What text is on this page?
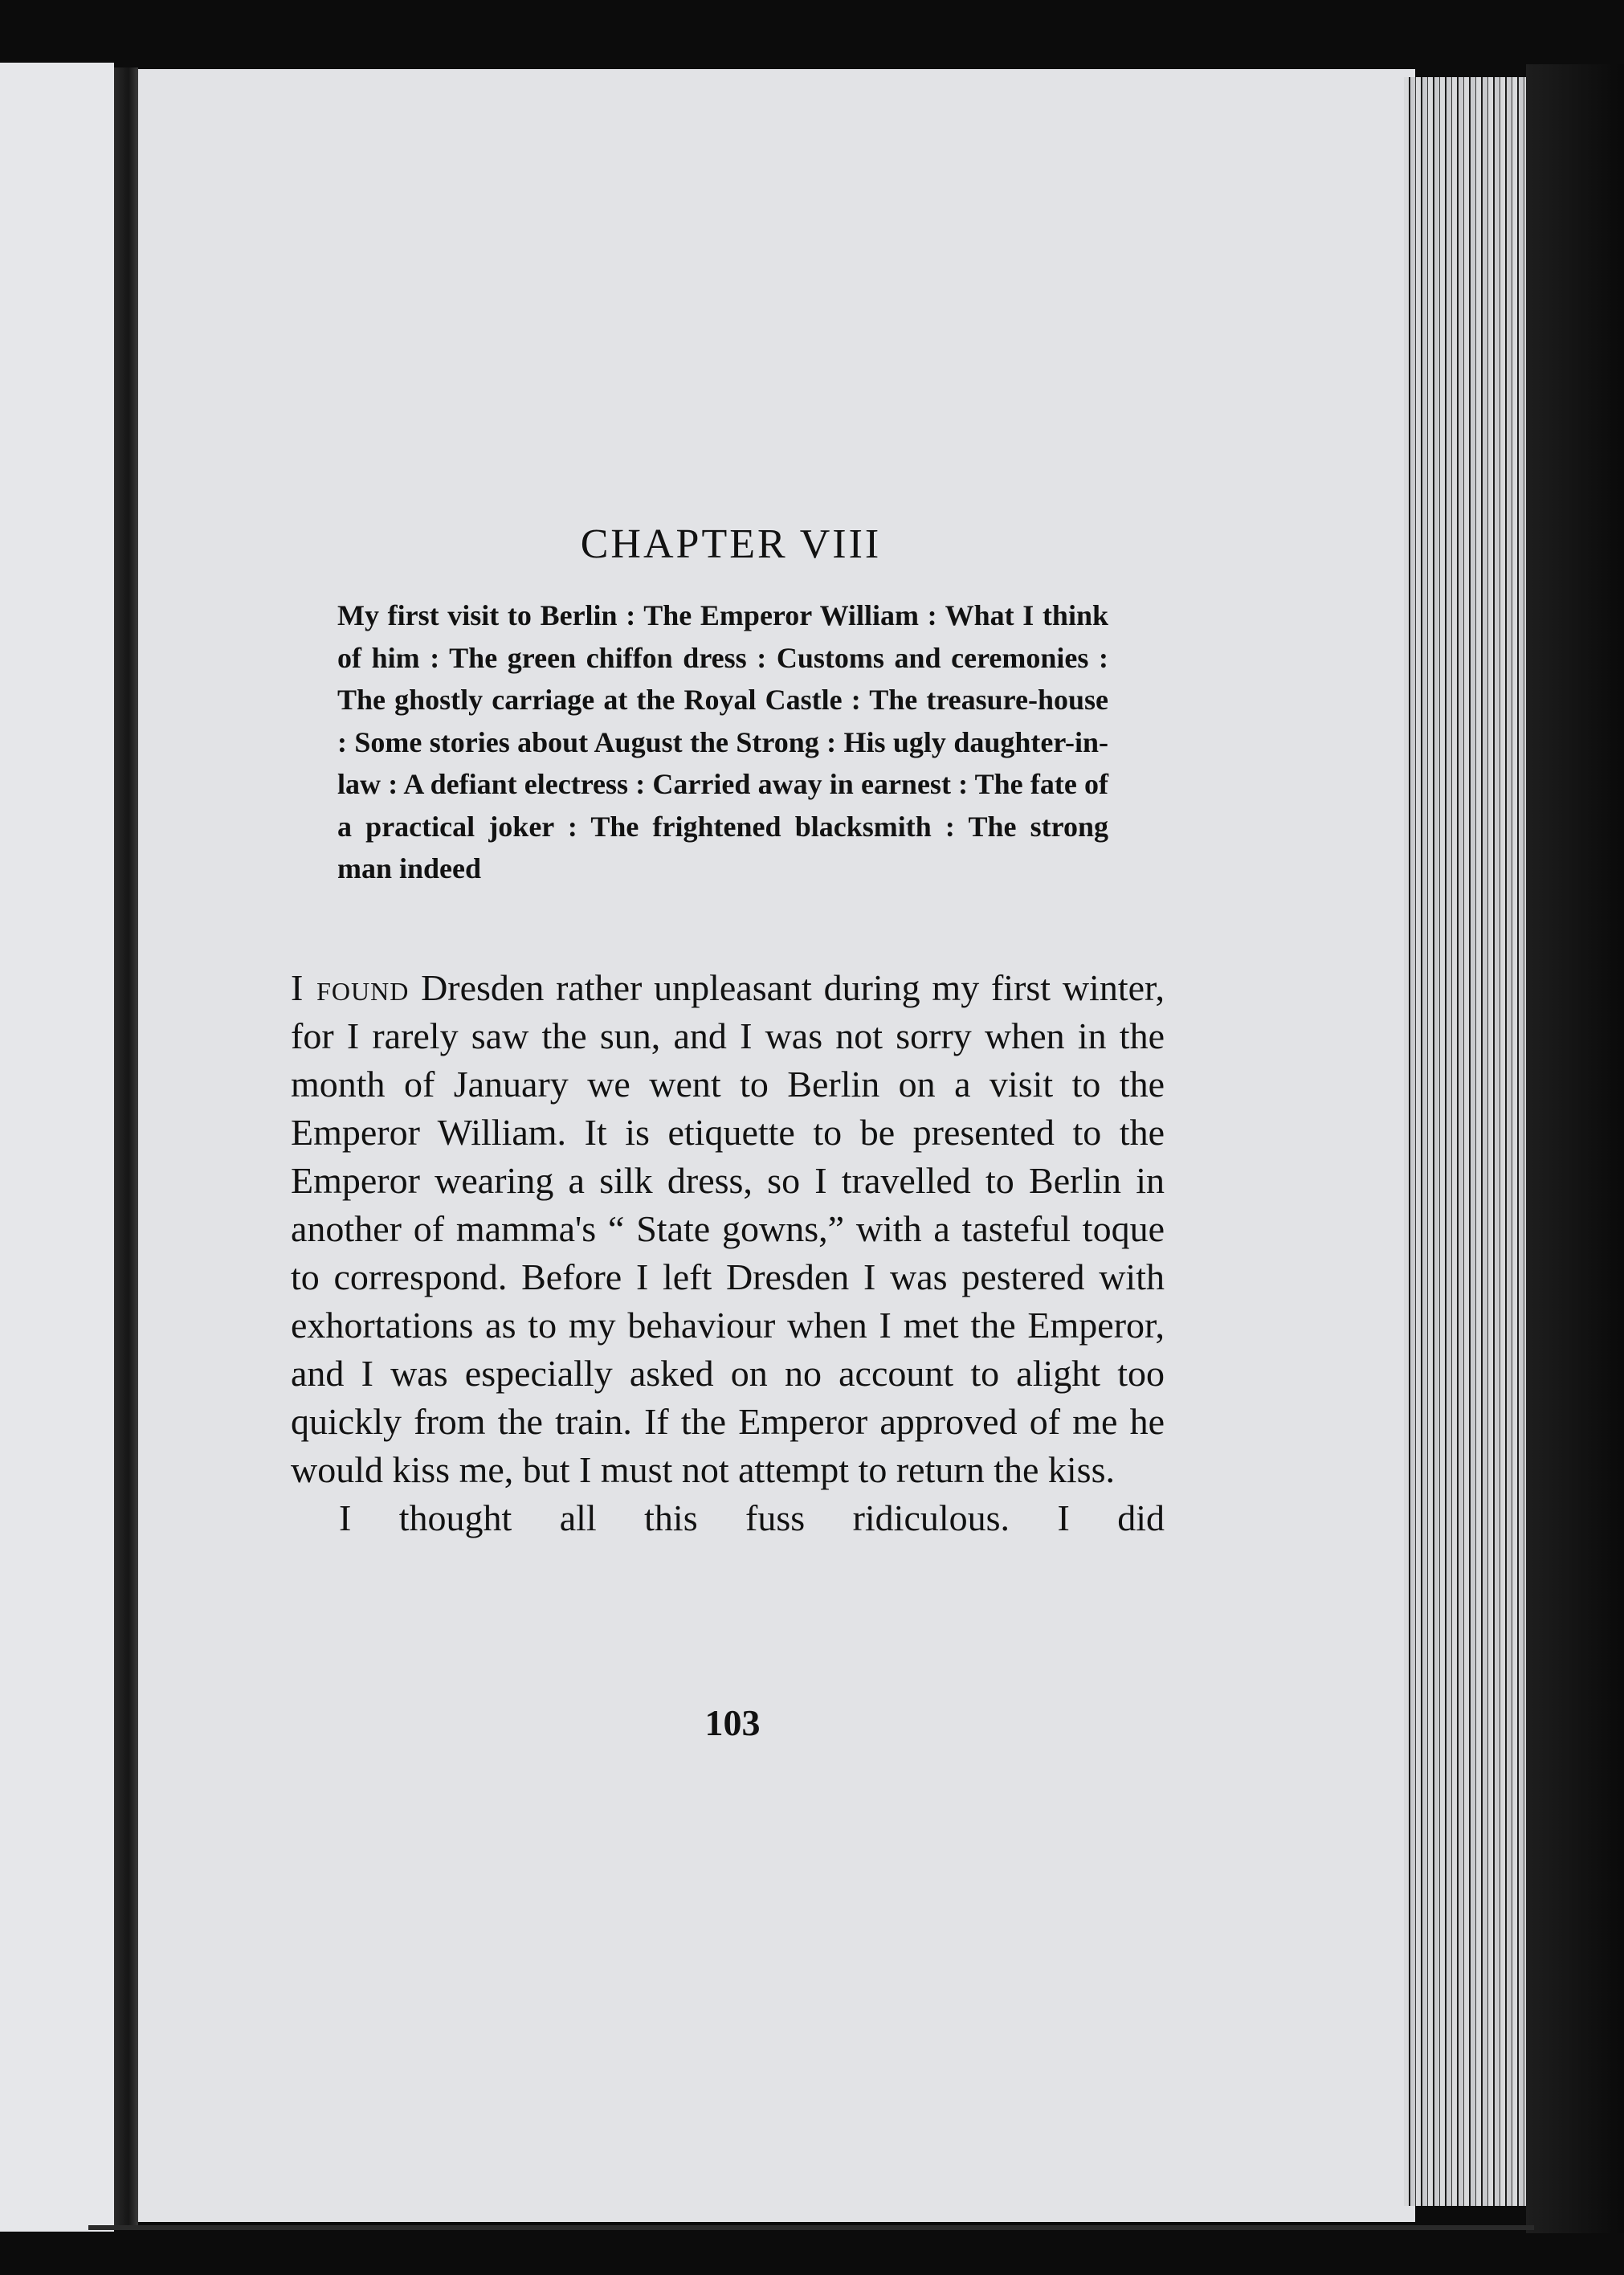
CHAPTER VIII
My first visit to Berlin : The Emperor William : What I think of him : The green chiffon dress : Customs and ceremonies : The ghostly carriage at the Royal Castle : The treasure-house : Some stories about August the Strong : His ugly daughter-in-law : A defiant electress : Carried away in earnest : The fate of a practical joker : The frightened blacksmith : The strong man indeed

I found Dresden rather unpleasant during my first winter, for I rarely saw the sun, and I was not sorry when in the month of January we went to Berlin on a visit to the Emperor William. It is etiquette to be presented to the Emperor wearing a silk dress, so I travelled to Berlin in another of mamma's “ State gowns,” with a tasteful toque to correspond. Before I left Dresden I was pestered with exhortations as to my behaviour when I met the Emperor, and I was especially asked on no account to alight too quickly from the train. If the Emperor approved of me he would kiss me, but I must not attempt to return the kiss.

I thought all this fuss ridiculous. I did

103
